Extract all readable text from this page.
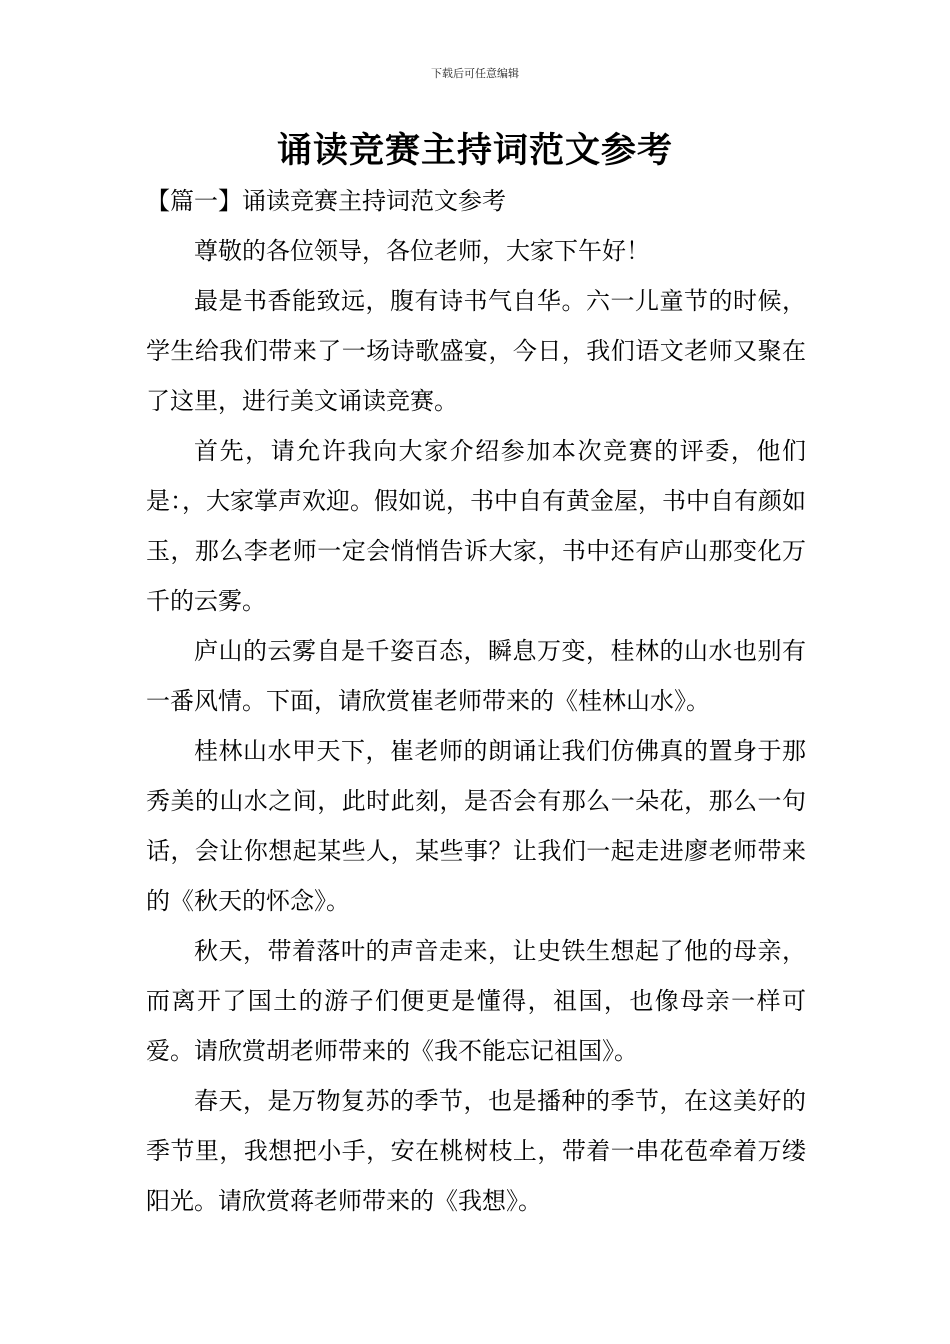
下载后可任意编辑
诵读竞赛主持词范文参考

【篇一】诵读竞赛主持词范文参考

尊敬的各位领导，各位老师，大家下午好！

最是书香能致远，腹有诗书气自华。六一儿童节的时候，学生给我们带来了一场诗歌盛宴，今日，我们语文老师又聚在了这里，进行美文诵读竞赛。

首先，请允许我向大家介绍参加本次竞赛的评委，他们是：，大家掌声欢迎。假如说，书中自有黄金屋，书中自有颜如玉，那么李老师一定会悄悄告诉大家，书中还有庐山那变化万千的云雾。

庐山的云雾自是千姿百态，瞬息万变，桂林的山水也别有一番风情。下面，请欣赏崔老师带来的《桂林山水》。

桂林山水甲天下，崔老师的朗诵让我们仿佛真的置身于那秀美的山水之间，此时此刻，是否会有那么一朵花，那么一句话，会让你想起某些人，某些事？让我们一起走进廖老师带来的《秋天的怀念》。

秋天，带着落叶的声音走来，让史铁生想起了他的母亲，而离开了国土的游子们便更是懂得，祖国，也像母亲一样可爱。请欣赏胡老师带来的《我不能忘记祖国》。

春天，是万物复苏的季节，也是播种的季节，在这美好的季节里，我想把小手，安在桃树枝上，带着一串花苞牵着万缕阳光。请欣赏蒋老师带来的《我想》。
